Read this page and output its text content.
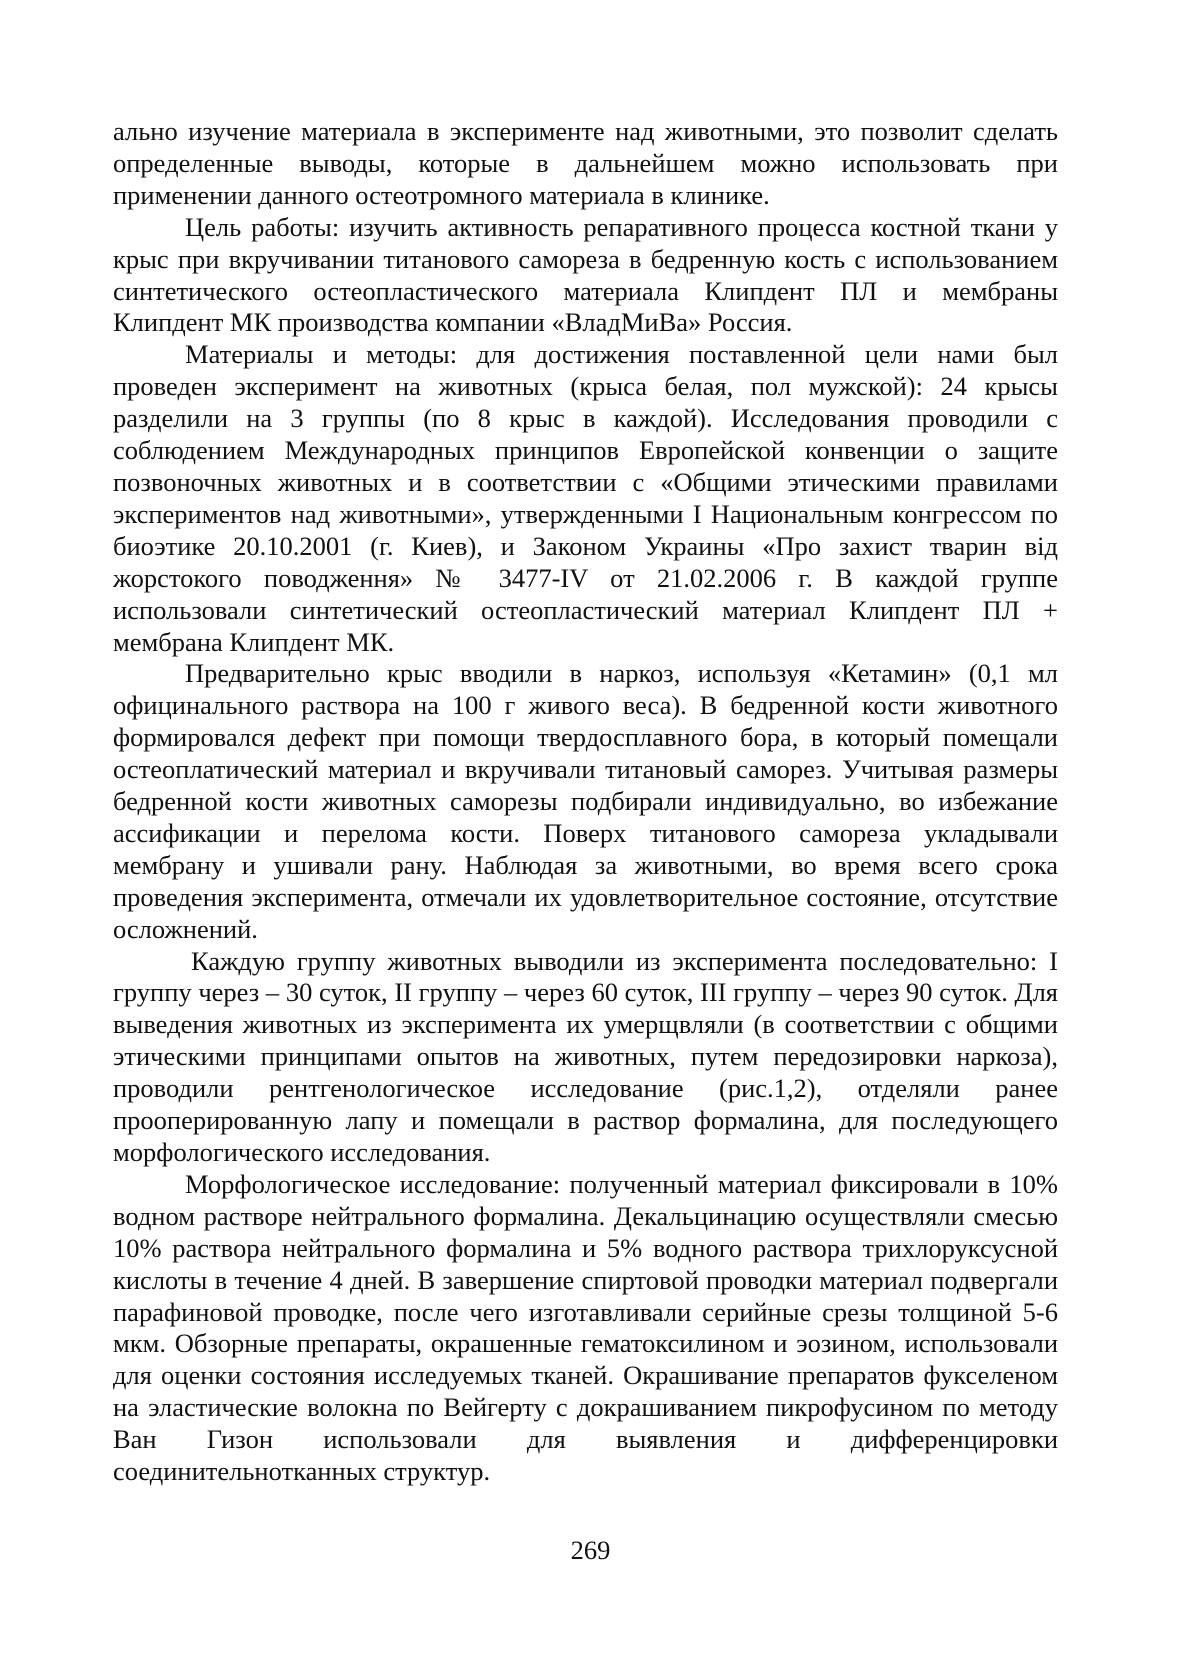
ально изучение материала в эксперименте над животными, это позволит сделать определенные выводы, которые в дальнейшем можно использовать при применении данного остеотромного материала в клинике.

Цель работы: изучить активность репаративного процесса костной ткани у крыс при вкручивании титанового самореза в бедренную кость с использованием синтетического остеопластического материала Клипдент ПЛ и мембраны Клипдент МК производства компании «ВладМиВа» Россия.

Материалы и методы: для достижения поставленной цели нами был проведен эксперимент на животных (крыса белая, пол мужской): 24 крысы разделили на 3 группы (по 8 крыс в каждой). Исследования проводили с соблюдением Международных принципов Европейской конвенции о защите позвоночных животных и в соответствии с «Общими этическими правилами экспериментов над животными», утвержденными I Национальным конгрессом по биоэтике 20.10.2001 (г. Киев), и Законом Украины «Про захист тварин від жорстокого поводження» № 3477-IV от 21.02.2006 г. В каждой группе использовали синтетический остеопластический материал Клипдент ПЛ + мембрана Клипдент МК.

Предварительно крыс вводили в наркоз, используя «Кетамин» (0,1 мл официнального раствора на 100 г живого веса). В бедренной кости животного формировался дефект при помощи твердосплавного бора, в который помещали остеоплатический материал и вкручивали титановый саморез. Учитывая размеры бедренной кости животных саморезы подбирали индивидуально, во избежание ассификации и перелома кости. Поверх титанового самореза укладывали мембрану и ушивали рану. Наблюдая за животными, во время всего срока проведения эксперимента, отмечали их удовлетворительное состояние, отсутствие осложнений.

Каждую группу животных выводили из эксперимента последовательно: I группу через – 30 суток, II группу – через 60 суток, III группу – через 90 суток. Для выведения животных из эксперимента их умерщвляли (в соответствии с общими этическими принципами опытов на животных, путем передозировки наркоза), проводили рентгенологическое исследование (рис.1,2), отделяли ранее прооперированную лапу и помещали в раствор формалина, для последующего морфологического исследования.

Морфологическое исследование: полученный материал фиксировали в 10% водном растворе нейтрального формалина. Декальцинацию осуществляли смесью 10% раствора нейтрального формалина и 5% водного раствора трихлоруксусной кислоты в течение 4 дней. В завершение спиртовой проводки материал подвергали парафиновой проводке, после чего изготавливали серийные срезы толщиной 5-6 мкм. Обзорные препараты, окрашенные гематоксилином и эозином, использовали для оценки состояния исследуемых тканей. Окрашивание препаратов фукселеном на эластические волокна по Вейгерту с докрашиванием пикрофусином по методу Ван Гизон использовали для выявления и дифференцировки соединительнотканных структур.

269
